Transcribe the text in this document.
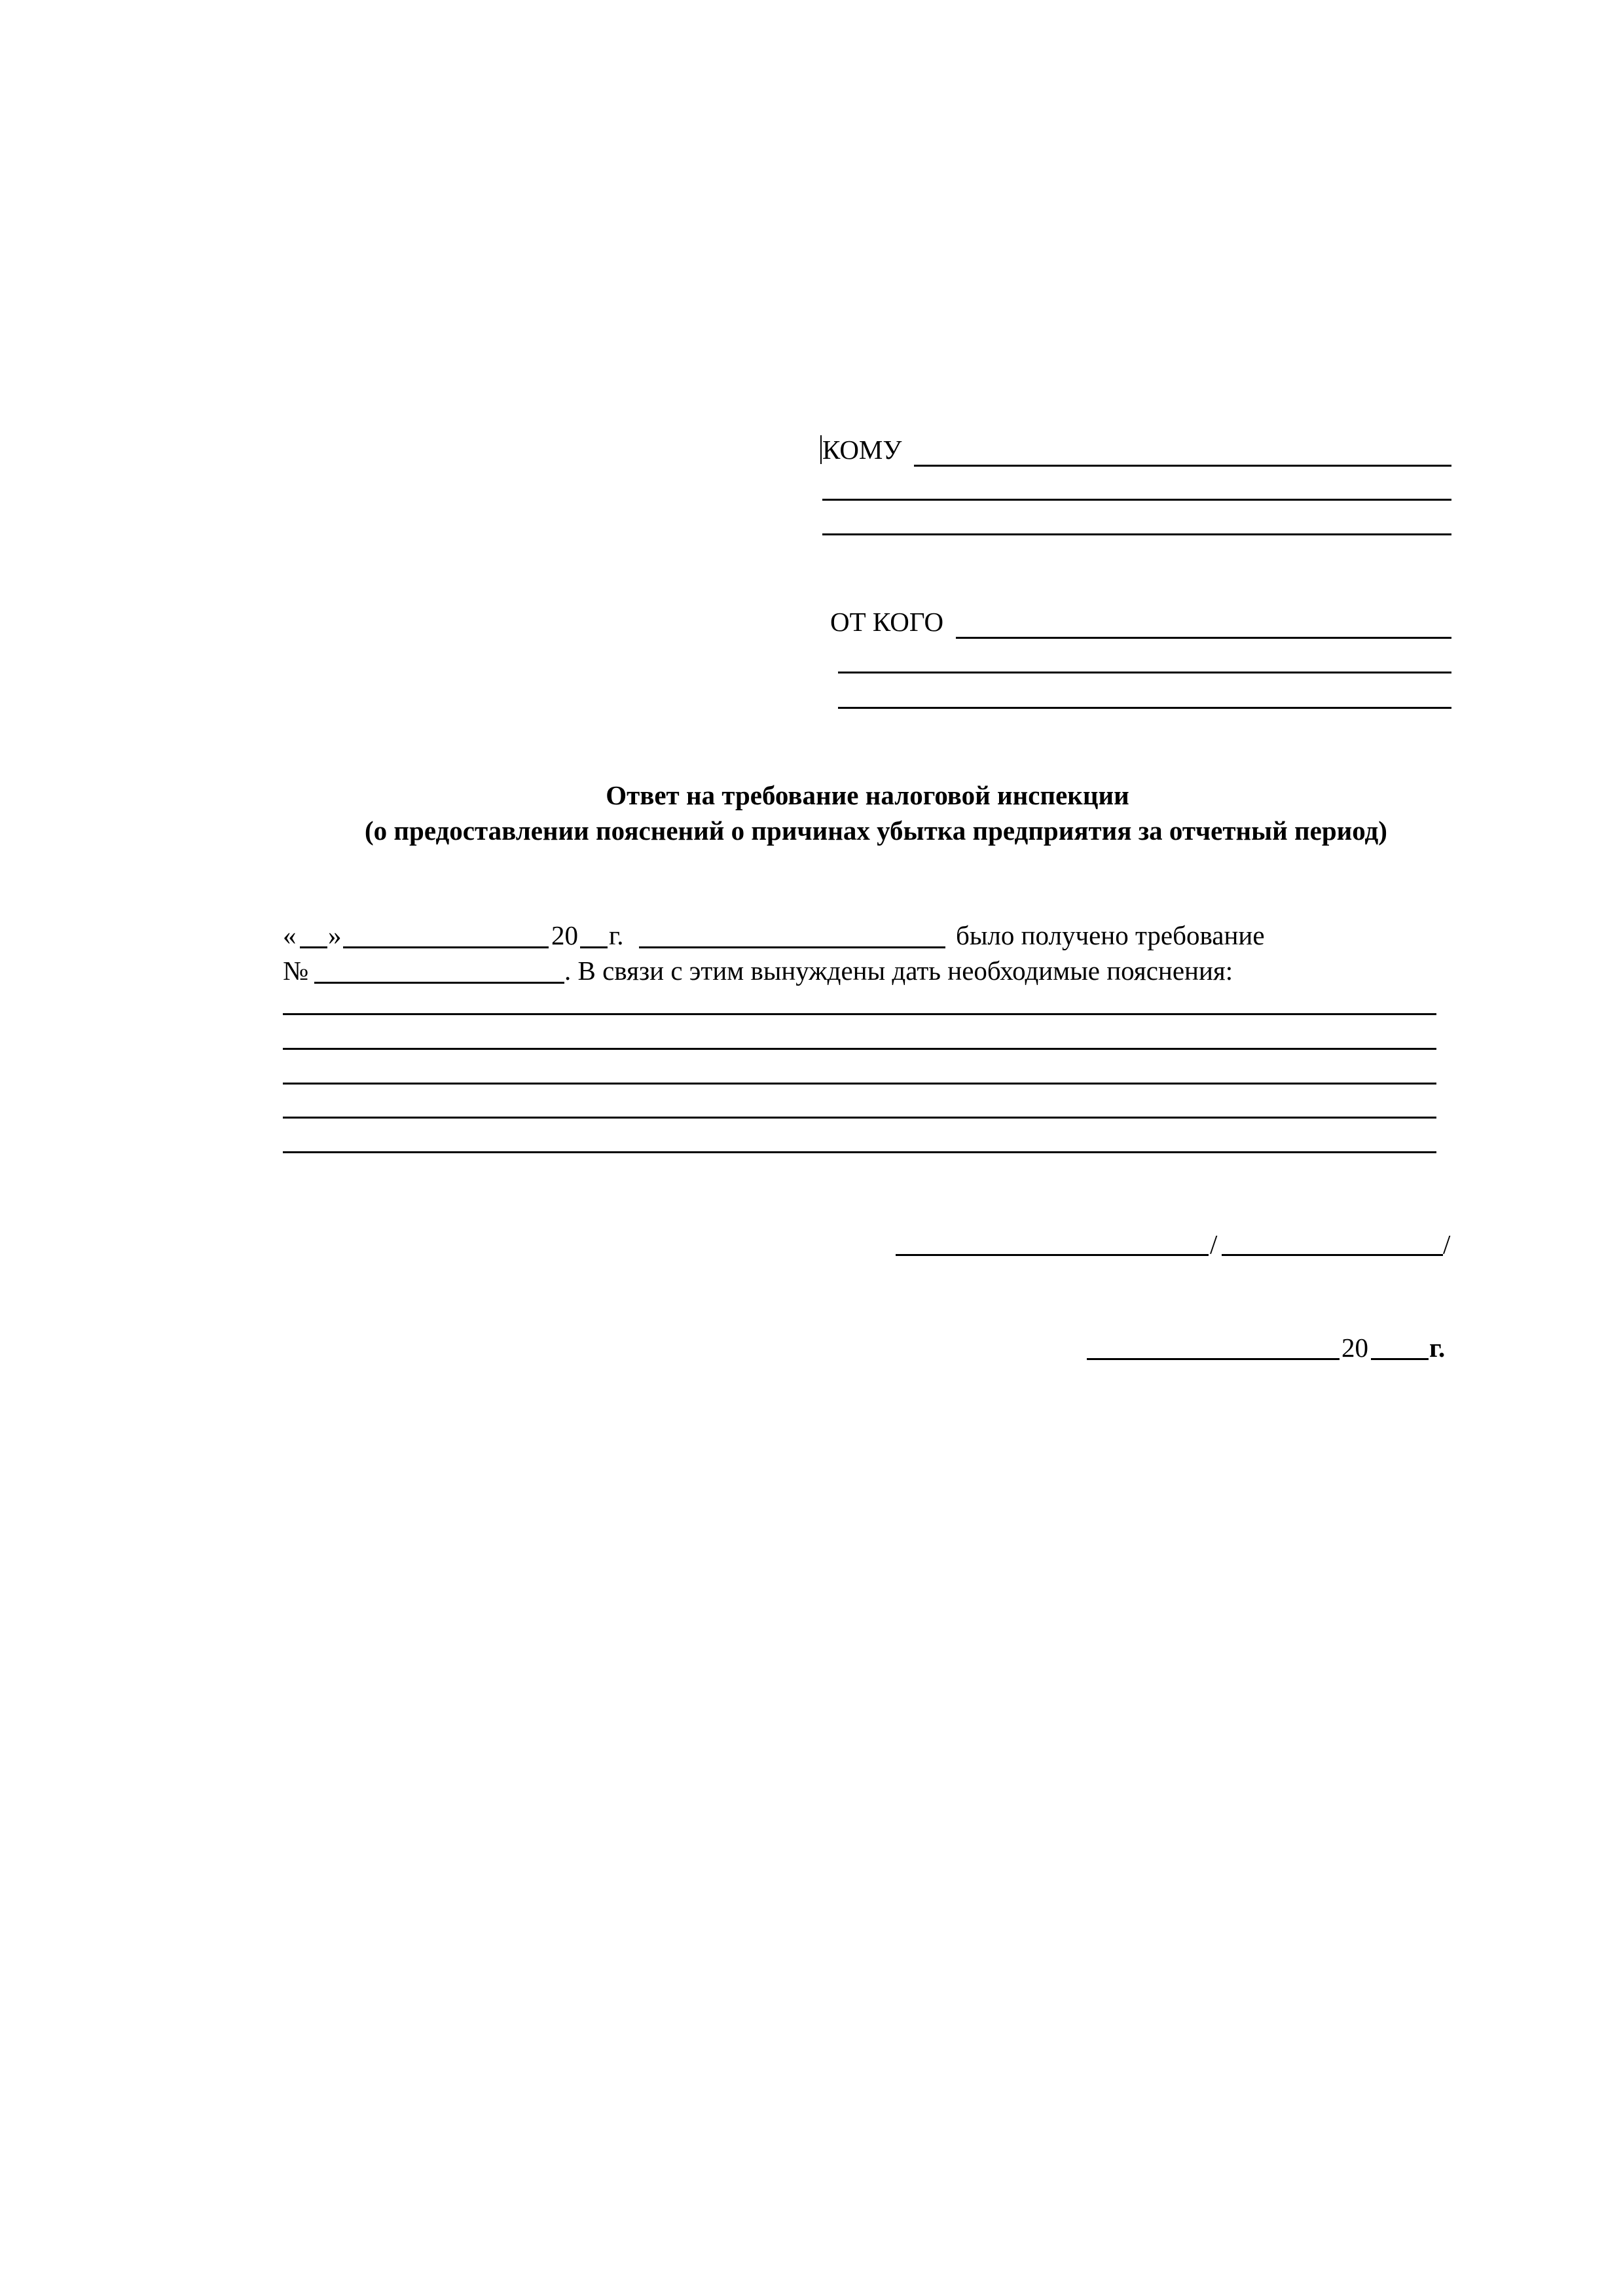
КОМУ
ОТ КОГО
Ответ на требование налоговой инспекции
(о предоставлении пояснений о причинах убытка предприятия за отчетный период)
« »	20 г.	было получено требование
№	. В связи с этим вынуждены дать необходимые пояснения:
/	/
20 г.
